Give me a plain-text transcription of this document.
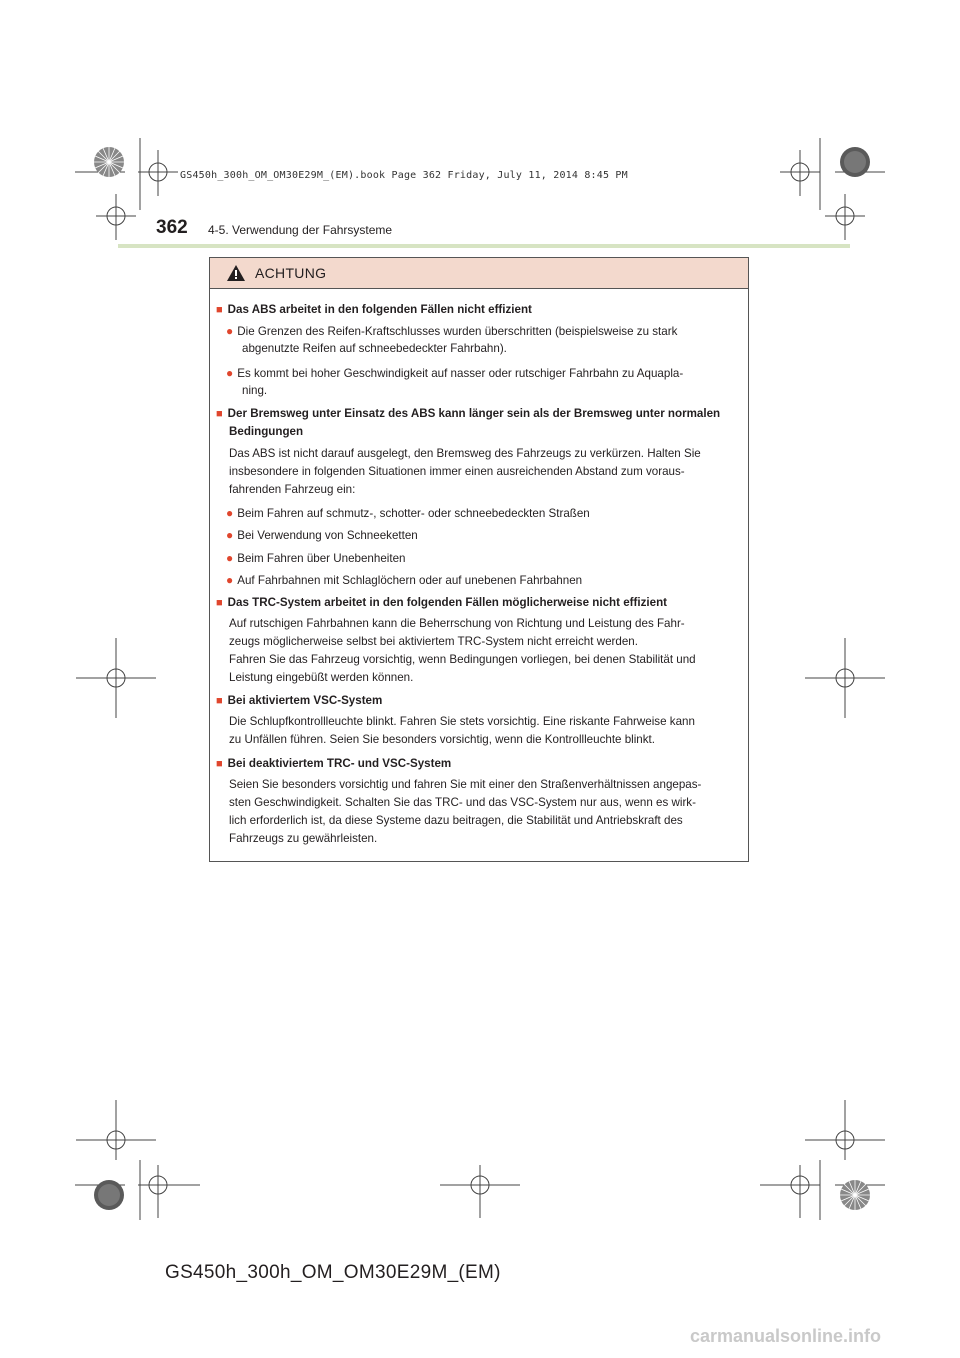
GS450h_300h_OM_OM30E29M_(EM).book Page 362 Friday, July 11, 2014 8:45 PM
362 4-5. Verwendung der Fahrsysteme
ACHTUNG
■ Das ABS arbeitet in den folgenden Fällen nicht effizient
● Die Grenzen des Reifen-Kraftschlusses wurden überschritten (beispielsweise zu stark
abgenutzte Reifen auf schneebedeckter Fahrbahn).
● Es kommt bei hoher Geschwindigkeit auf nasser oder rutschiger Fahrbahn zu Aquapla-
ning.
■ Der Bremsweg unter Einsatz des ABS kann länger sein als der Bremsweg unter normalen
Bedingungen
Das ABS ist nicht darauf ausgelegt, den Bremsweg des Fahrzeugs zu verkürzen. Halten Sie
insbesondere in folgenden Situationen immer einen ausreichenden Abstand zum voraus-
fahrenden Fahrzeug ein:
● Beim Fahren auf schmutz-, schotter- oder schneebedeckten Straßen
● Bei Verwendung von Schneeketten
● Beim Fahren über Unebenheiten
● Auf Fahrbahnen mit Schlaglöchern oder auf unebenen Fahrbahnen
■ Das TRC-System arbeitet in den folgenden Fällen möglicherweise nicht effizient
Auf rutschigen Fahrbahnen kann die Beherrschung von Richtung und Leistung des Fahr-
zeugs möglicherweise selbst bei aktiviertem TRC-System nicht erreicht werden.
Fahren Sie das Fahrzeug vorsichtig, wenn Bedingungen vorliegen, bei denen Stabilität und
Leistung eingebüßt werden können.
■ Bei aktiviertem VSC-System
Die Schlupfkontrollleuchte blinkt. Fahren Sie stets vorsichtig. Eine riskante Fahrweise kann
zu Unfällen führen. Seien Sie besonders vorsichtig, wenn die Kontrollleuchte blinkt.
■ Bei deaktiviertem TRC- und VSC-System
Seien Sie besonders vorsichtig und fahren Sie mit einer den Straßenverhältnissen angepas-
sten Geschwindigkeit. Schalten Sie das TRC- und das VSC-System nur aus, wenn es wirk-
lich erforderlich ist, da diese Systeme dazu beitragen, die Stabilität und Antriebskraft des
Fahrzeugs zu gewährleisten.
GS450h_300h_OM_OM30E29M_(EM)
carmanualsonline.info
